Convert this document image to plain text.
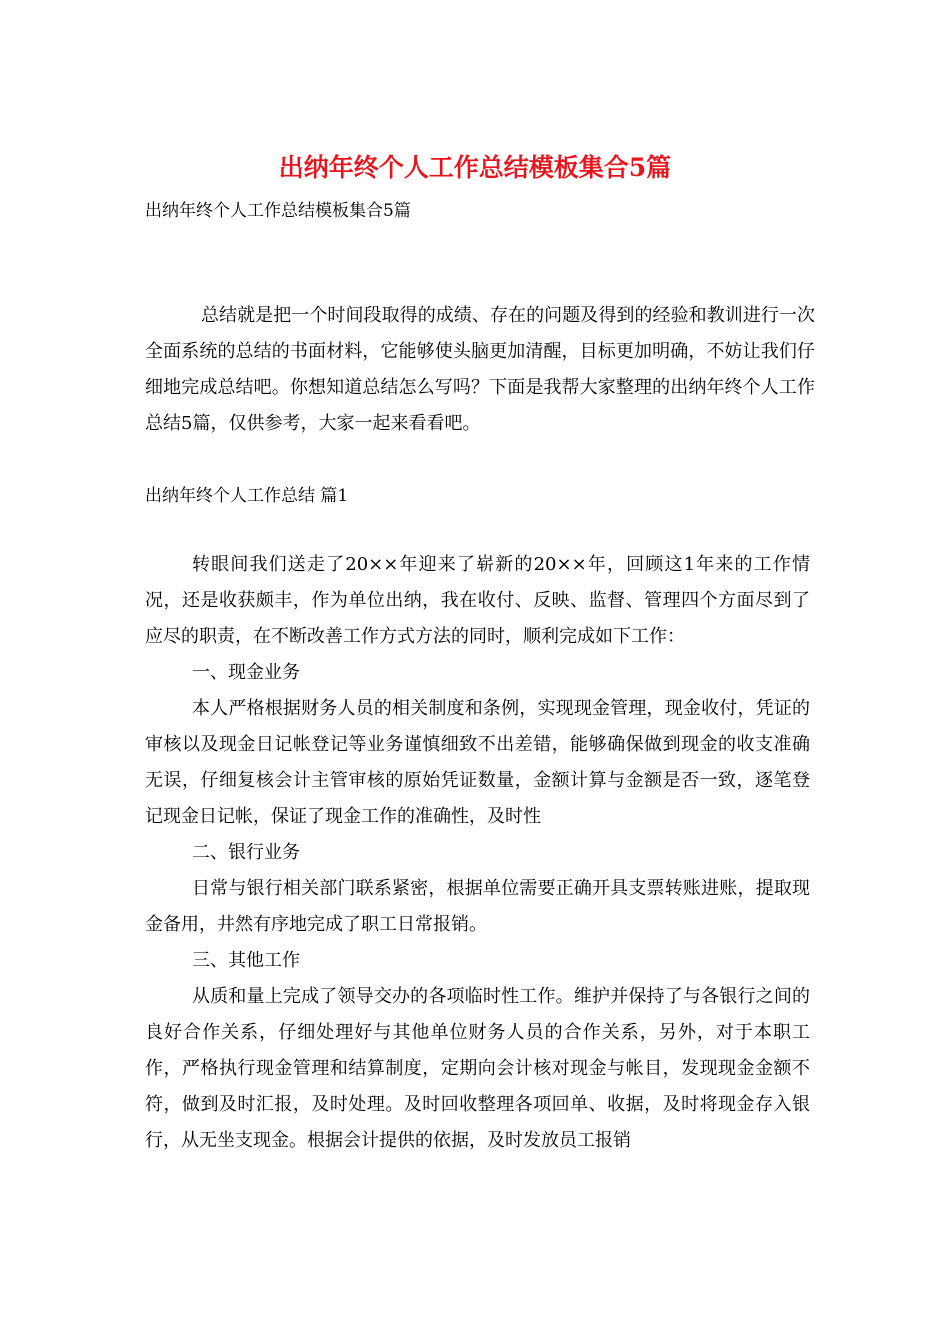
出纳年终个人工作总结模板集合5篇
出纳年终个人工作总结模板集合5篇

总结就是把一个时间段取得的成绩、存在的问题及得到的经验和教训进行一次全面系统的总结的书面材料，它能够使头脑更加清醒，目标更加明确，不妨让我们仔细地完成总结吧。你想知道总结怎么写吗？下面是我帮大家整理的出纳年终个人工作总结5篇，仅供参考，大家一起来看看吧。

出纳年终个人工作总结 篇1

转眼间我们送走了20××年迎来了崭新的20××年，回顾这1年来的工作情况，还是收获颇丰，作为单位出纳，我在收付、反映、监督、管理四个方面尽到了应尽的职责，在不断改善工作方式方法的同时，顺利完成如下工作：

一、现金业务

本人严格根据财务人员的相关制度和条例，实现现金管理，现金收付，凭证的审核以及现金日记帐登记等业务谨慎细致不出差错，能够确保做到现金的收支准确无误，仔细复核会计主管审核的原始凭证数量，金额计算与金额是否一致，逐笔登记现金日记帐，保证了现金工作的准确性，及时性

二、银行业务

日常与银行相关部门联系紧密，根据单位需要正确开具支票转账进账，提取现金备用，井然有序地完成了职工日常报销。

三、其他工作

从质和量上完成了领导交办的各项临时性工作。维护并保持了与各银行之间的良好合作关系，仔细处理好与其他单位财务人员的合作关系，另外，对于本职工作，严格执行现金管理和结算制度，定期向会计核对现金与帐目，发现现金金额不符，做到及时汇报，及时处理。及时回收整理各项回单、收据，及时将现金存入银行，从无坐支现金。根据会计提供的依据，及时发放员工报销
